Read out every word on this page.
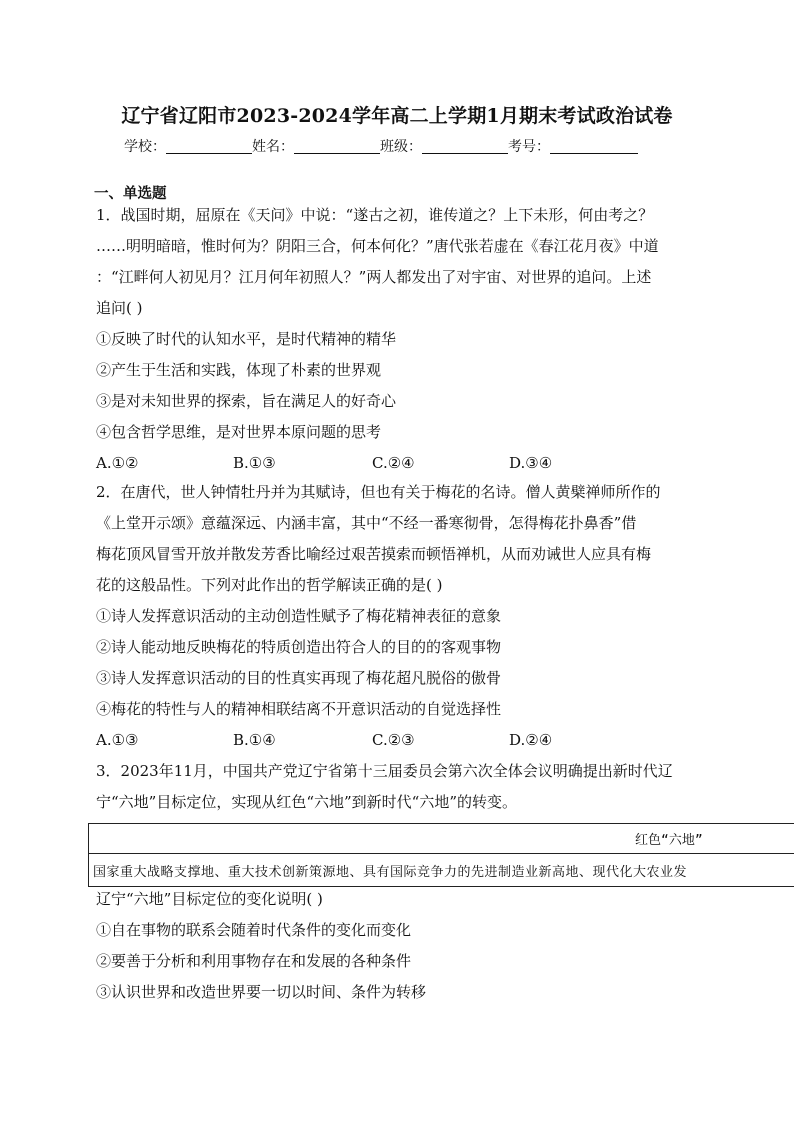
辽宁省辽阳市2023-2024学年高二上学期1月期末考试政治试卷
学校：	姓名：	班级：	考号：
一、单选题
1．战国时期，屈原在《天问》中说：“遂古之初，谁传道之？上下未形，何由考之？
……明明暗暗，惟时何为？阴阳三合，何本何化？”唐代张若虚在《春江花月夜》中道
：“江畔何人初见月？江月何年初照人？”两人都发出了对宇宙、对世界的追问。上述
追问( )
①反映了时代的认知水平，是时代精神的精华
②产生于生活和实践，体现了朴素的世界观
③是对未知世界的探索，旨在满足人的好奇心
④包含哲学思维，是对世界本原问题的思考
A.①②	B.①③	C.②④	D.③④
2．在唐代，世人钟情牡丹并为其赋诗，但也有关于梅花的名诗。僧人黄檗禅师所作的
《上堂开示颂》意蕴深远、内涵丰富，其中“不经一番寒彻骨，怎得梅花扑鼻香”借
梅花顶风冒雪开放并散发芳香比喻经过艰苦摸索而顿悟禅机，从而劝诫世人应具有梅
花的这般品性。下列对此作出的哲学解读正确的是( )
①诗人发挥意识活动的主动创造性赋予了梅花精神表征的意象
②诗人能动地反映梅花的特质创造出符合人的目的的客观事物
③诗人发挥意识活动的目的性真实再现了梅花超凡脱俗的傲骨
④梅花的特性与人的精神相联结离不开意识活动的自觉选择性
A.①③	B.①④	C.②③	D.②④
3．2023年11月，中国共产党辽宁省第十三届委员会第六次全体会议明确提出新时代辽
宁“六地”目标定位，实现从红色“六地”到新时代“六地”的转变。
红色“六地”
国家重大战略支撑地、重大技术创新策源地、具有国际竞争力的先进制造业新高地、现代化大农业发
辽宁“六地”目标定位的变化说明( )
①自在事物的联系会随着时代条件的变化而变化
②要善于分析和利用事物存在和发展的各种条件
③认识世界和改造世界要一切以时间、条件为转移
